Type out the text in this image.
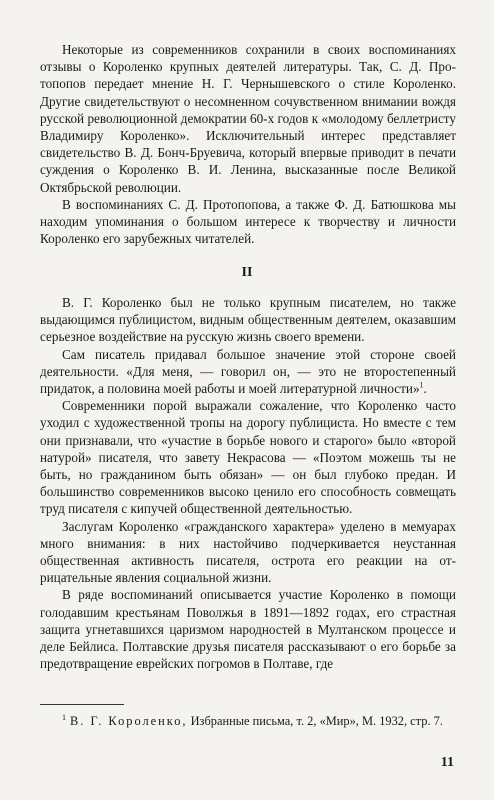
Некоторые из современников сохранили в своих воспоминаниях отзывы о Короленко крупных деятелей литературы. Так, С. Д. Протопопов передает мнение Н. Г. Чернышевского о стиле Короленко. Другие свидетельствуют о несомненном сочувственном внимании вождя русской революционной демократии 60-х годов к «молодому беллетристу Владимиру Короленко». Исключительный интерес представляет свидетельство В. Д. Бонч-Бруевича, который впервые приводит в печати суждения о Короленко В. И. Ленина, высказанные после Великой Октябрьской революции.

В воспоминаниях С. Д. Протопопова, а также Ф. Д. Батюшкова мы находим упоминания о большом интересе к творчеству и личности Короленко его зарубежных читателей.

II

В. Г. Короленко был не только крупным писателем, но также выдающимся публицистом, видным общественным деятелем, оказавшим серьезное воздействие на русскую жизнь своего времени.

Сам писатель придавал большое значение этой стороне своей деятельности. «Для меня, — говорил он, — это не второстепенный придаток, а половина моей работы и моей литературной личности»$^1$.

Современники порой выражали сожаление, что Короленко часто уходил с художественной тропы на дорогу публициста. Но вместе с тем они признавали, что «участие в борьбе нового и старого» было «второй натурой» писателя, что завету Некрасова — «Поэтом можешь ты не быть, но гражданином быть обязан» — он был глубоко предан. И большинство современников высоко ценило его способность совмещать труд писателя с кипучей общественной деятельностью.

Заслугам Короленко «гражданского характера» уделено в мемуарах много внимания: в них настойчиво подчеркивается неустанная общественная активность писателя, острота его реакции на отрицательные явления социальной жизни.

В ряде воспоминаний описывается участие Короленко в помощи голодавшим крестьянам Поволжья в 1891—1892 годах, его страстная защита угнетавшихся царизмом народностей в Мултанском процессе и деле Бейлиса. Полтавские друзья писателя рассказывают о его борьбе за предотвращение еврейских погромов в Полтаве, где

$^1$ В. Г. Короленко, Избранные письма, т. 2, «Мир», М. 1932, стр. 7.
11
